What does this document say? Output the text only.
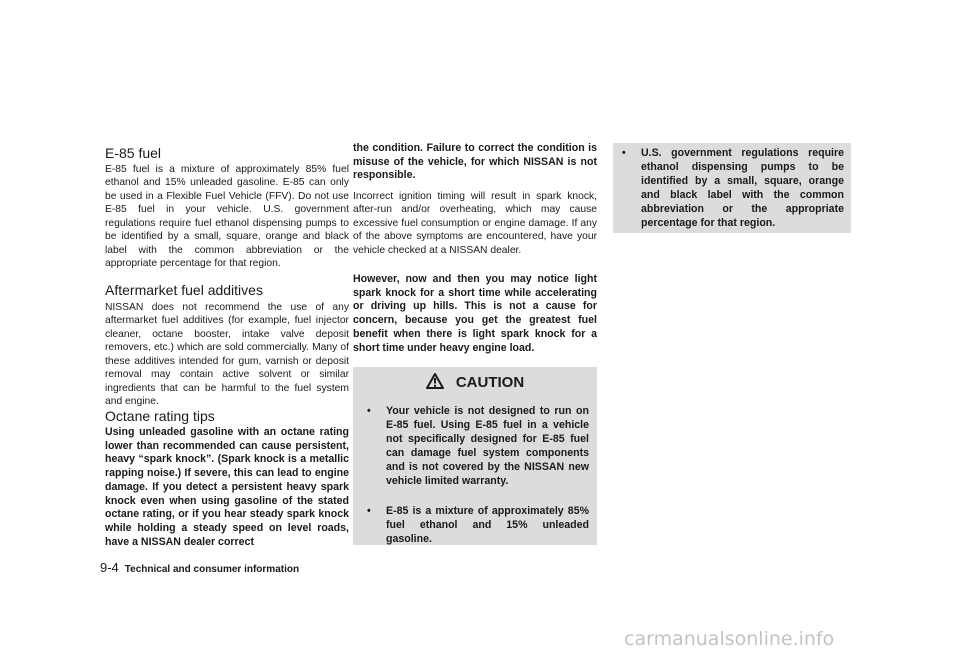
E-85 fuel

E-85 fuel is a mixture of approximately 85% fuel ethanol and 15% unleaded gasoline. E-85 can only be used in a Flexible Fuel Vehicle (FFV). Do not use E-85 fuel in your vehicle. U.S. government regulations require fuel ethanol dispensing pumps to be identified by a small, square, orange and black label with the common abbreviation or the appropriate percentage for that region.

Aftermarket fuel additives

NISSAN does not recommend the use of any aftermarket fuel additives (for example, fuel injector cleaner, octane booster, intake valve deposit removers, etc.) which are sold commercially. Many of these additives intended for gum, varnish or deposit removal may contain active solvent or similar ingredients that can be harmful to the fuel system and engine.

Octane rating tips

Using unleaded gasoline with an octane rating lower than recommended can cause persistent, heavy “spark knock”. (Spark knock is a metallic rapping noise.) If severe, this can lead to engine damage. If you detect a persistent heavy spark knock even when using gasoline of the stated octane rating, or if you hear steady spark knock while holding a steady speed on level roads, have a NISSAN dealer correct

the condition. Failure to correct the condition is misuse of the vehicle, for which NISSAN is not responsible.

Incorrect ignition timing will result in spark knock, after-run and/or overheating, which may cause excessive fuel consumption or engine damage. If any of the above symptoms are encountered, have your vehicle checked at a NISSAN dealer.

However, now and then you may notice light spark knock for a short time while accelerating or driving up hills. This is not a cause for concern, because you get the greatest fuel benefit when there is light spark knock for a short time under heavy engine load.

CAUTION
• Your vehicle is not designed to run on E-85 fuel. Using E-85 fuel in a vehicle not specifically designed for E-85 fuel can damage fuel system components and is not covered by the NISSAN new vehicle limited warranty.
• E-85 is a mixture of approximately 85% fuel ethanol and 15% unleaded gasoline.
• U.S. government regulations require ethanol dispensing pumps to be identified by a small, square, orange and black label with the common abbreviation or the appropriate percentage for that region.
9-4 Technical and consumer information
carmanualsonline.info
